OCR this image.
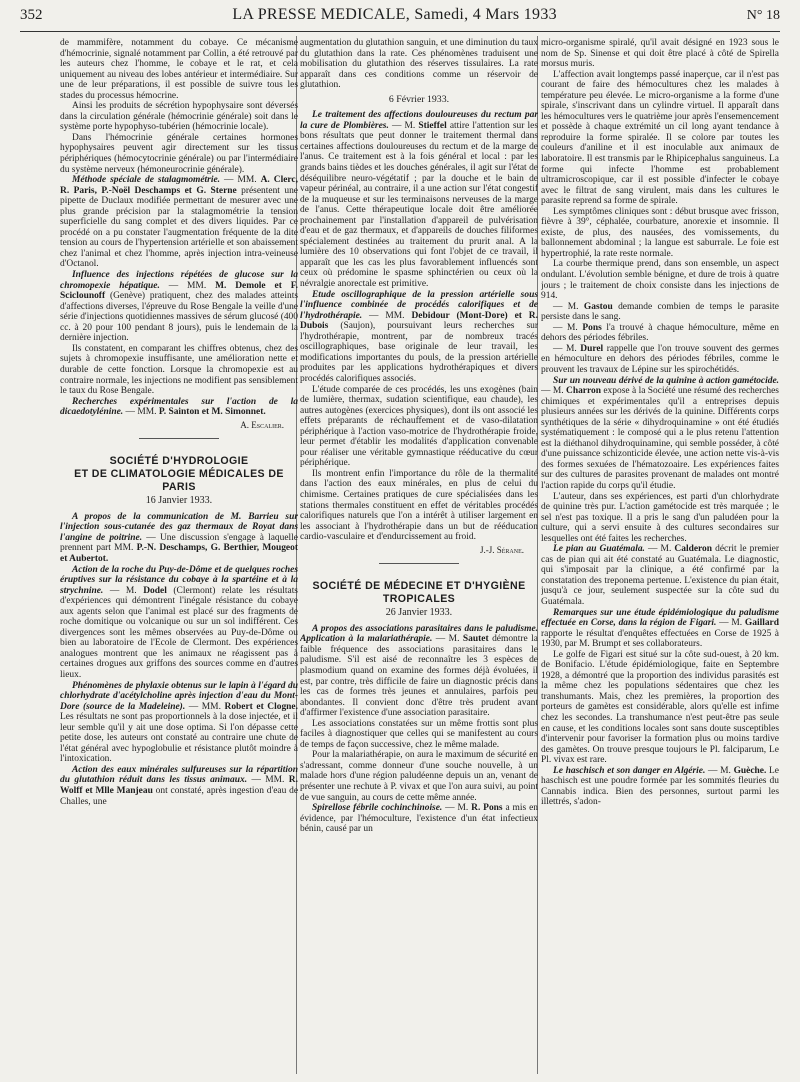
352	LA PRESSE MEDICALE, Samedi, 4 Mars 1933	N° 18

de mammifère, notamment du cobaye. Ce mécanisme d'hémocrinie, signalé notamment par Collin, a été retrouvé par les auteurs chez l'homme, le cobaye et le rat, et cela uniquement au niveau des lobes antérieur et intermédiaire. Sur une de leur préparations, il est possible de suivre tous les stades du processus hémocrine.

Ainsi les produits de sécrétion hypophysaire sont déversés dans la circulation générale (hémocrinie générale) soit dans le système porte hypophyso-tubérien (hémocrinie locale).

Dans l'hémocrinie générale certaines hormones hypophysaires peuvent agir directement sur les tissus périphériques (hémocytocrinie générale) ou par l'intermédiaire du système nerveux (hémoneurocrinie générale).

Méthode spéciale de stalagmométrie. — MM. A. Clerc, R. Paris, P.-Noël Deschamps et G. Sterne présentent une pipette de Duclaux modifiée permettant de mesurer avec une plus grande précision par la stalagmométrie la tension superficielle du sang complet et des divers liquides. Par ce procédé on a pu constater l'augmentation fréquente de la dite tension au cours de l'hypertension artérielle et son abaissement chez l'animal et chez l'homme, après injection intra-veineuse d'Octanol.

Influence des injections répétées de glucose sur la chromopexie hépatique. — MM. M. Demole et F. Sciclounoff (Genève) pratiquent, chez des malades atteints d'affections diverses, l'épreuve du Rose Bengale la veille d'une série d'injections quotidiennes massives de sérum glucosé (400 cc. à 20 pour 100 pendant 8 jours), puis le lendemain de la dernière injection.

Ils constatent, en comparant les chiffres obtenus, chez des sujets à chromopexie insuffisante, une amélioration nette et durable de cette fonction. Lorsque la chromopexie est au contraire normale, les injections ne modifient pas sensiblement le taux du Rose Bengale.

Recherches expérimentales sur l'action de la dicaedotylénine. — MM. P. Sainton et M. Simonnet.

A. Escalier.

SOCIÉTÉ D'HYDROLOGIE
ET DE CLIMATOLOGIE MÉDICALES DE PARIS

16 Janvier 1933.

A propos de la communication de M. Barrieu sur l'injection sous-cutanée des gaz thermaux de Royat dans l'angine de poitrine. — Une discussion s'engage à laquelle prennent part MM. P.-N. Deschamps, G. Berthier, Mougeot et Aubertot.

Action de la roche du Puy-de-Dôme et de quelques roches éruptives sur la résistance du cobaye à la spartéine et à la strychnine. — M. Dodel (Clermont) relate les résultats d'expériences qui démontrent l'inégale résistance du cobaye aux agents selon que l'animal est placé sur des fragments de roche domitique ou volcanique ou sur un sol indifférent. Ces divergences sont les mêmes observées au Puy-de-Dôme ou bien au laboratoire de l'Ecole de Clermont. Des expériences analogues montrent que les animaux ne réagissent pas à certaines drogues aux griffons des sources comme en d'autres lieux.

Phénomènes de phylaxie obtenus sur le lapin à l'égard du chlorhydrate d'acétylcholine après injection d'eau du Mont-Dore (source de la Madeleine). — MM. Robert et Clogne. Les résultats ne sont pas proportionnels à la dose injectée, et il leur semble qu'il y ait une dose optima. Si l'on dépasse cette petite dose, les auteurs ont constaté au contraire une chute de l'état général avec hypoglobulie et résistance plutôt moindre à l'intoxication.

Action des eaux minérales sulfureuses sur la répartition du glutathion réduit dans les tissus animaux. — MM. R. Wolff et Mlle Manjeau ont constaté, après ingestion d'eau de Challes, une

augmentation du glutathion sanguin, et une diminution du taux du glutathion dans la rate. Ces phénomènes traduisent une mobilisation du glutathion des réserves tissulaires. La rate apparaît dans ces conditions comme un réservoir de glutathion.

6 Février 1933.

Le traitement des affections douloureuses du rectum par la cure de Plombières. — M. Stieffel attire l'attention sur les bons résultats que peut donner le traitement thermal dans certaines affections douloureuses du rectum et de la marge de l'anus. Ce traitement est à la fois général et local : par les grands bains tièdes et les douches générales, il agit sur l'état de déséquilibre neuro-végétatif ; par la douche et le bain de vapeur périnéal, au contraire, il a une action sur l'état congestif de la muqueuse et sur les terminaisons nerveuses de la marge de l'anus. Cette thérapeutique locale doit être améliorée prochainement par l'installation d'appareil de pulvérisation d'eau et de gaz thermaux, et d'appareils de douches filiformes spécialement destinées au traitement du prurit anal. A la lumière des 10 observations qui font l'objet de ce travail, il apparaît que les cas les plus favorablement influencés sont ceux où prédomine le spasme sphinctérien ou ceux où la névralgie anorectale est primitive.

Etude oscillographique de la pression artérielle sous l'influence combinée de procédés calorifiques et de l'hydrothérapie. — MM. Debidour (Mont-Dore) et R. Dubois (Saujon), poursuivant leurs recherches sur l'hydrothérapie, montrent, par de nombreux tracés oscillographiques, base originale de leur travail, les modifications importantes du pouls, de la pression artérielle produites par les applications hydrothérapiques et divers procédés calorifiques associés.

L'étude comparée de ces procédés, les uns exogènes (bain de lumière, thermax, sudation scientifique, eau chaude), les autres autogènes (exercices physiques), dont ils ont associé les effets préparants de réchauffement et de vaso-dilatation périphérique à l'action vaso-motrice de l'hydrothérapie froide, leur permet d'établir les modalités d'application convenable pour réaliser une véritable gymnastique rééducative du cœur périphérique.

Ils montrent enfin l'importance du rôle de la thermalité dans l'action des eaux minérales, en plus de celui du chimisme. Certaines pratiques de cure spécialisées dans les stations thermales constituent en effet de véritables procédés calorifiques naturels que l'on a intérêt à utiliser largement en les associant à l'hydrothérapie dans un but de rééducation cardio-vasculaire et d'endurcissement au froid.

J.-J. Sérane.

SOCIÉTÉ DE MÉDECINE ET D'HYGIÈNE TROPICALES

26 Janvier 1933.

A propos des associations parasitaires dans le paludisme. Application à la malariathérapie. — M. Sautet démontre la faible fréquence des associations parasitaires dans le paludisme. S'il est aisé de reconnaître les 3 espèces de plasmodium quand on examine des formes déjà évoluées, il est, par contre, très difficile de faire un diagnostic précis dans les cas de formes très jeunes et annulaires, parfois peu abondantes. Il convient donc d'être très prudent avant d'affirmer l'existence d'une association parasitaire.

Les associations constatées sur un même frottis sont plus faciles à diagnostiquer que celles qui se manifestent au cours de temps de façon successive, chez le même malade.

Pour la malariathérapie, on aura le maximum de sécurité en s'adressant, comme donneur d'une souche nouvelle, à un malade hors d'une région paludéenne depuis un an, venant de présenter une rechute à P. vivax et que l'on aura suivi, au point de vue sanguin, au cours de cette même année.

Spirellose fébrile cochinchinoise. — M. R. Pons a mis en évidence, par l'hémoculture, l'existence d'un état infectieux bénin, causé par un

micro-organisme spiralé, qu'il avait désigné en 1923 sous le nom de Sp. Sinense et qui doit être placé à côté de Spirella morsus muris.

L'affection avait longtemps passé inaperçue, car il n'est pas courant de faire des hémocultures chez les malades à température peu élevée. Le micro-organisme a la forme d'une spirale, s'inscrivant dans un cylindre virtuel. Il apparaît dans les hémocultures vers le quatrième jour après l'ensemencement et possède à chaque extrémité un cil long ayant tendance à reproduire la forme spiralée. Il se colore par toutes les couleurs d'aniline et il est inoculable aux animaux de laboratoire. Il est transmis par le Rhipicephalus sanguineus. La forme qui infecte l'homme est probablement ultramicroscopique, car il est possible d'infecter le cobaye avec le filtrat de sang virulent, mais dans les cultures le parasite reprend sa forme de spirale.

Les symptômes cliniques sont : début brusque avec frisson, fièvre à 39°, céphalée, courbature, anorexie et insomnie. Il existe, de plus, des nausées, des vomissements, du ballonnement abdominal ; la langue est saburrale. Le foie est hypertrophié, la rate reste normale.

La courbe thermique prend, dans son ensemble, un aspect ondulant. L'évolution semble bénigne, et dure de trois à quatre jours ; le traitement de choix consiste dans les injections de 914.

— M. Gastou demande combien de temps le parasite persiste dans le sang.

— M. Pons l'a trouvé à chaque hémoculture, même en dehors des périodes fébriles.

— M. Durel rappelle que l'on trouve souvent des germes en hémoculture en dehors des périodes fébriles, comme le prouvent les travaux de Lépine sur les spirochétidés.

Sur un nouveau dérivé de la quinine à action gamétocide. — M. Charron expose à la Société une résumé des recherches chimiques et expérimentales qu'il a entreprises depuis plusieurs années sur les dérivés de la quinine. Différents corps synthétiques de la série « dihydroquinamine » ont été étudiés systématiquement : le composé qui a le plus retenu l'attention est la diéthanol dihydroquinamine, qui semble posséder, à côté d'une puissance schizonticide élevée, une action nette vis-à-vis des formes sexuées de l'hématozoaire. Les expériences faites sur des cultures de parasites provenant de malades ont montré l'action rapide du corps qu'il étudie.

L'auteur, dans ses expériences, est parti d'un chlorhydrate de quinine très pur. L'action gamétocide est très marquée ; le sel n'est pas toxique. Il a pris le sang d'un paludéen pour la culture, qui a servi ensuite à des cultures secondaires sur lesquelles ont été faites les recherches.

Le pian au Guatémala. — M. Calderon décrit le premier cas de pian qui ait été constaté au Guatémala. Le diagnostic, qui s'imposait par la clinique, a été confirmé par la constatation des treponema pertenue. L'existence du pian était, jusqu'à ce jour, seulement suspectée sur la côte sud du Guatémala.

Remarques sur une étude épidémiologique du paludisme effectuée en Corse, dans la région de Figari. — M. Gaillard rapporte le résultat d'enquêtes effectuées en Corse de 1925 à 1930, par M. Brumpt et ses collaborateurs.

Le golfe de Figari est situé sur la côte sud-ouest, à 20 km. de Bonifacio. L'étude épidémiologique, faite en Septembre 1928, a démontré que la proportion des individus parasités est la même chez les populations sédentaires que chez les transhumants. Mais, chez les premières, la proportion des porteurs de gamètes est considérable, alors qu'elle est infime chez les secondes. La transhumance n'est peut-être pas seule en cause, et les conditions locales sont sans doute susceptibles d'intervenir pour favoriser la formation plus ou moins tardive des gamètes. On trouve presque toujours le Pl. falciparum, Le Pl. vivax est rare.

Le haschisch et son danger en Algérie. — M. Guèche. Le haschisch est une poudre formée par les sommités fleuries du Cannabis indica. Bien des personnes, surtout parmi les illettrés, s'adon-
